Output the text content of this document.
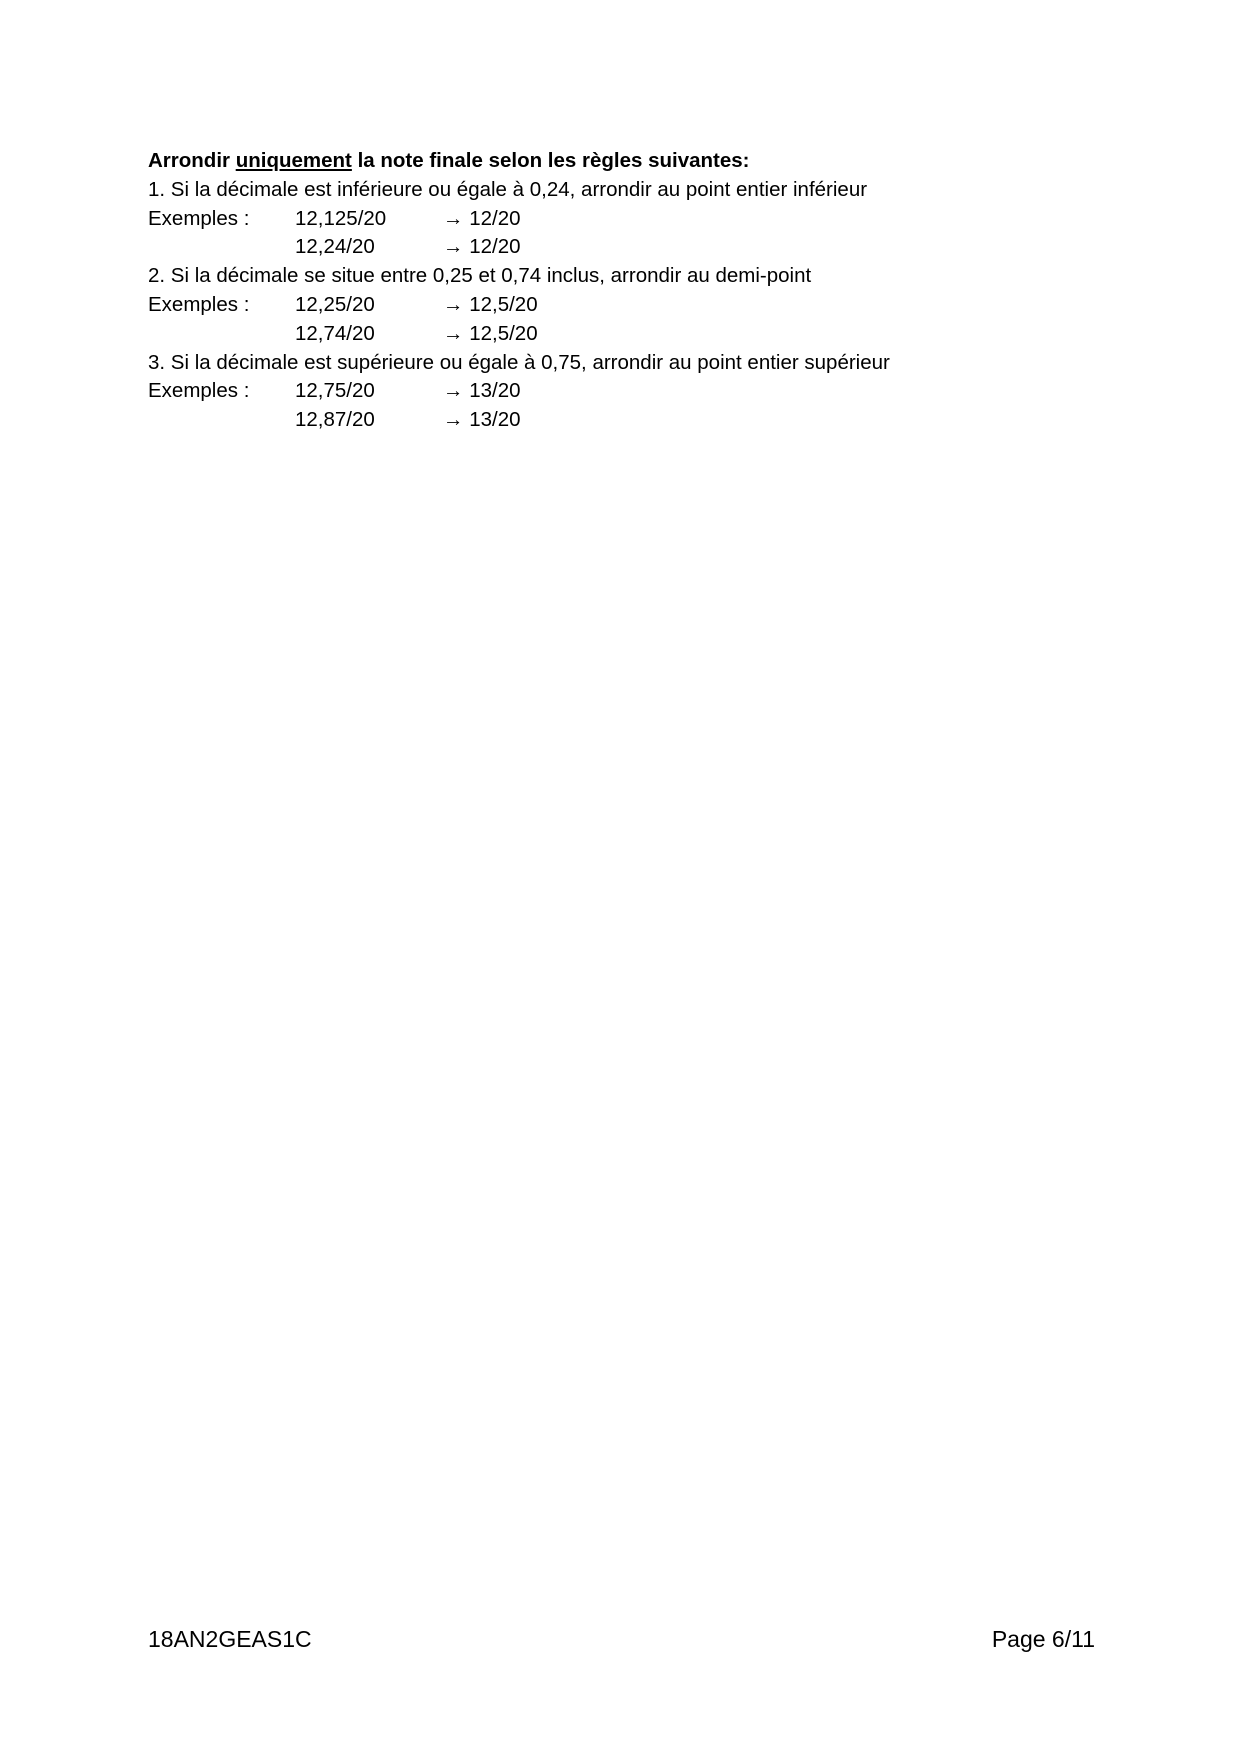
Arrondir uniquement la note finale selon les règles suivantes:
1. Si la décimale est inférieure ou égale à 0,24, arrondir au point entier inférieur
Exemples :	12,125/20	→ 12/20
12,24/20	→ 12/20
2. Si la décimale se situe entre 0,25 et 0,74 inclus, arrondir au demi-point
Exemples :	12,25/20	→ 12,5/20
12,74/20	→ 12,5/20
3. Si la décimale est supérieure ou égale à 0,75, arrondir au point entier supérieur
Exemples :	12,75/20	→ 13/20
12,87/20	→ 13/20
18AN2GEAS1C	Page 6/11
